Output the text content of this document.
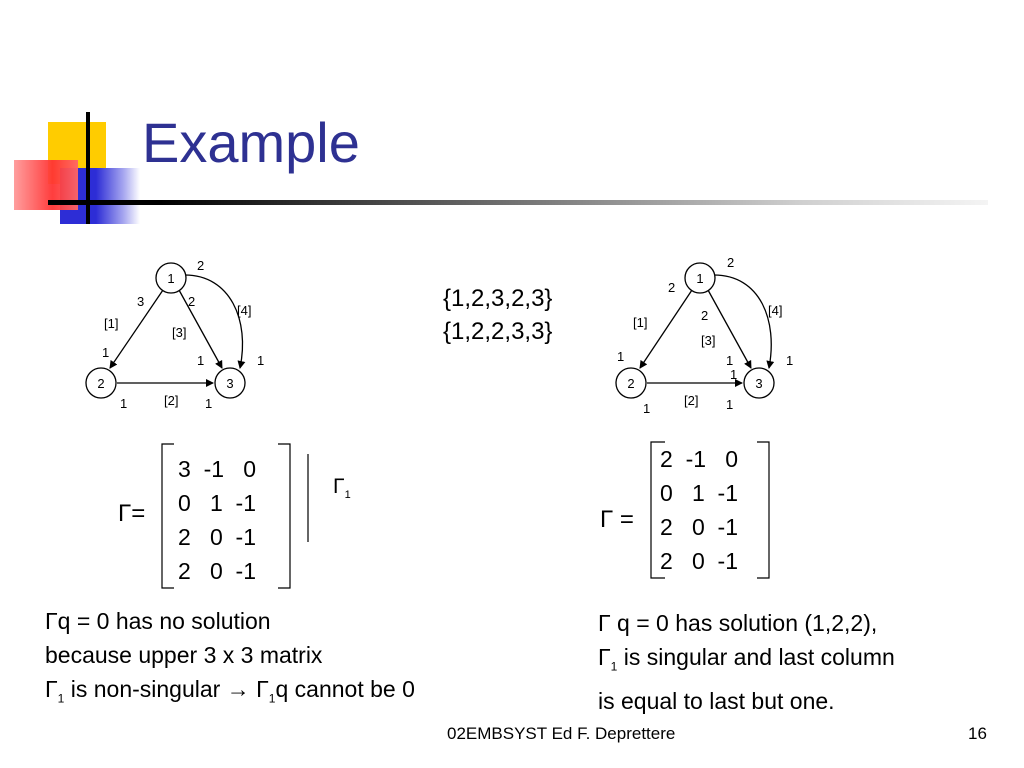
Example
1
2	3
2
3
[1]
1
2
[3]
1
[4]
1
1	[2] 1
{1,2,3,2,3}
{1,2,2,3,3}
1
2	3
2
2
[1]
1
2
[3]
1
1
[4]
1
1
[2] 1
Γ=
3  -1   0
0   1  -1
2   0  -1
2   0  -1
$\Gamma_1$
Γ =
2  -1   0
0   1  -1
2   0  -1
2   0  -1
Γq = 0 has no solution
because upper 3 x 3 matrix
$\Gamma_1$ is non-singular → $\Gamma_1q$ cannot be 0
Γ q = 0 has solution (1,2,2),
$\Gamma_1$ is singular and last column
is equal to last but one.
02EMBSYST Ed F. Deprettere	16
